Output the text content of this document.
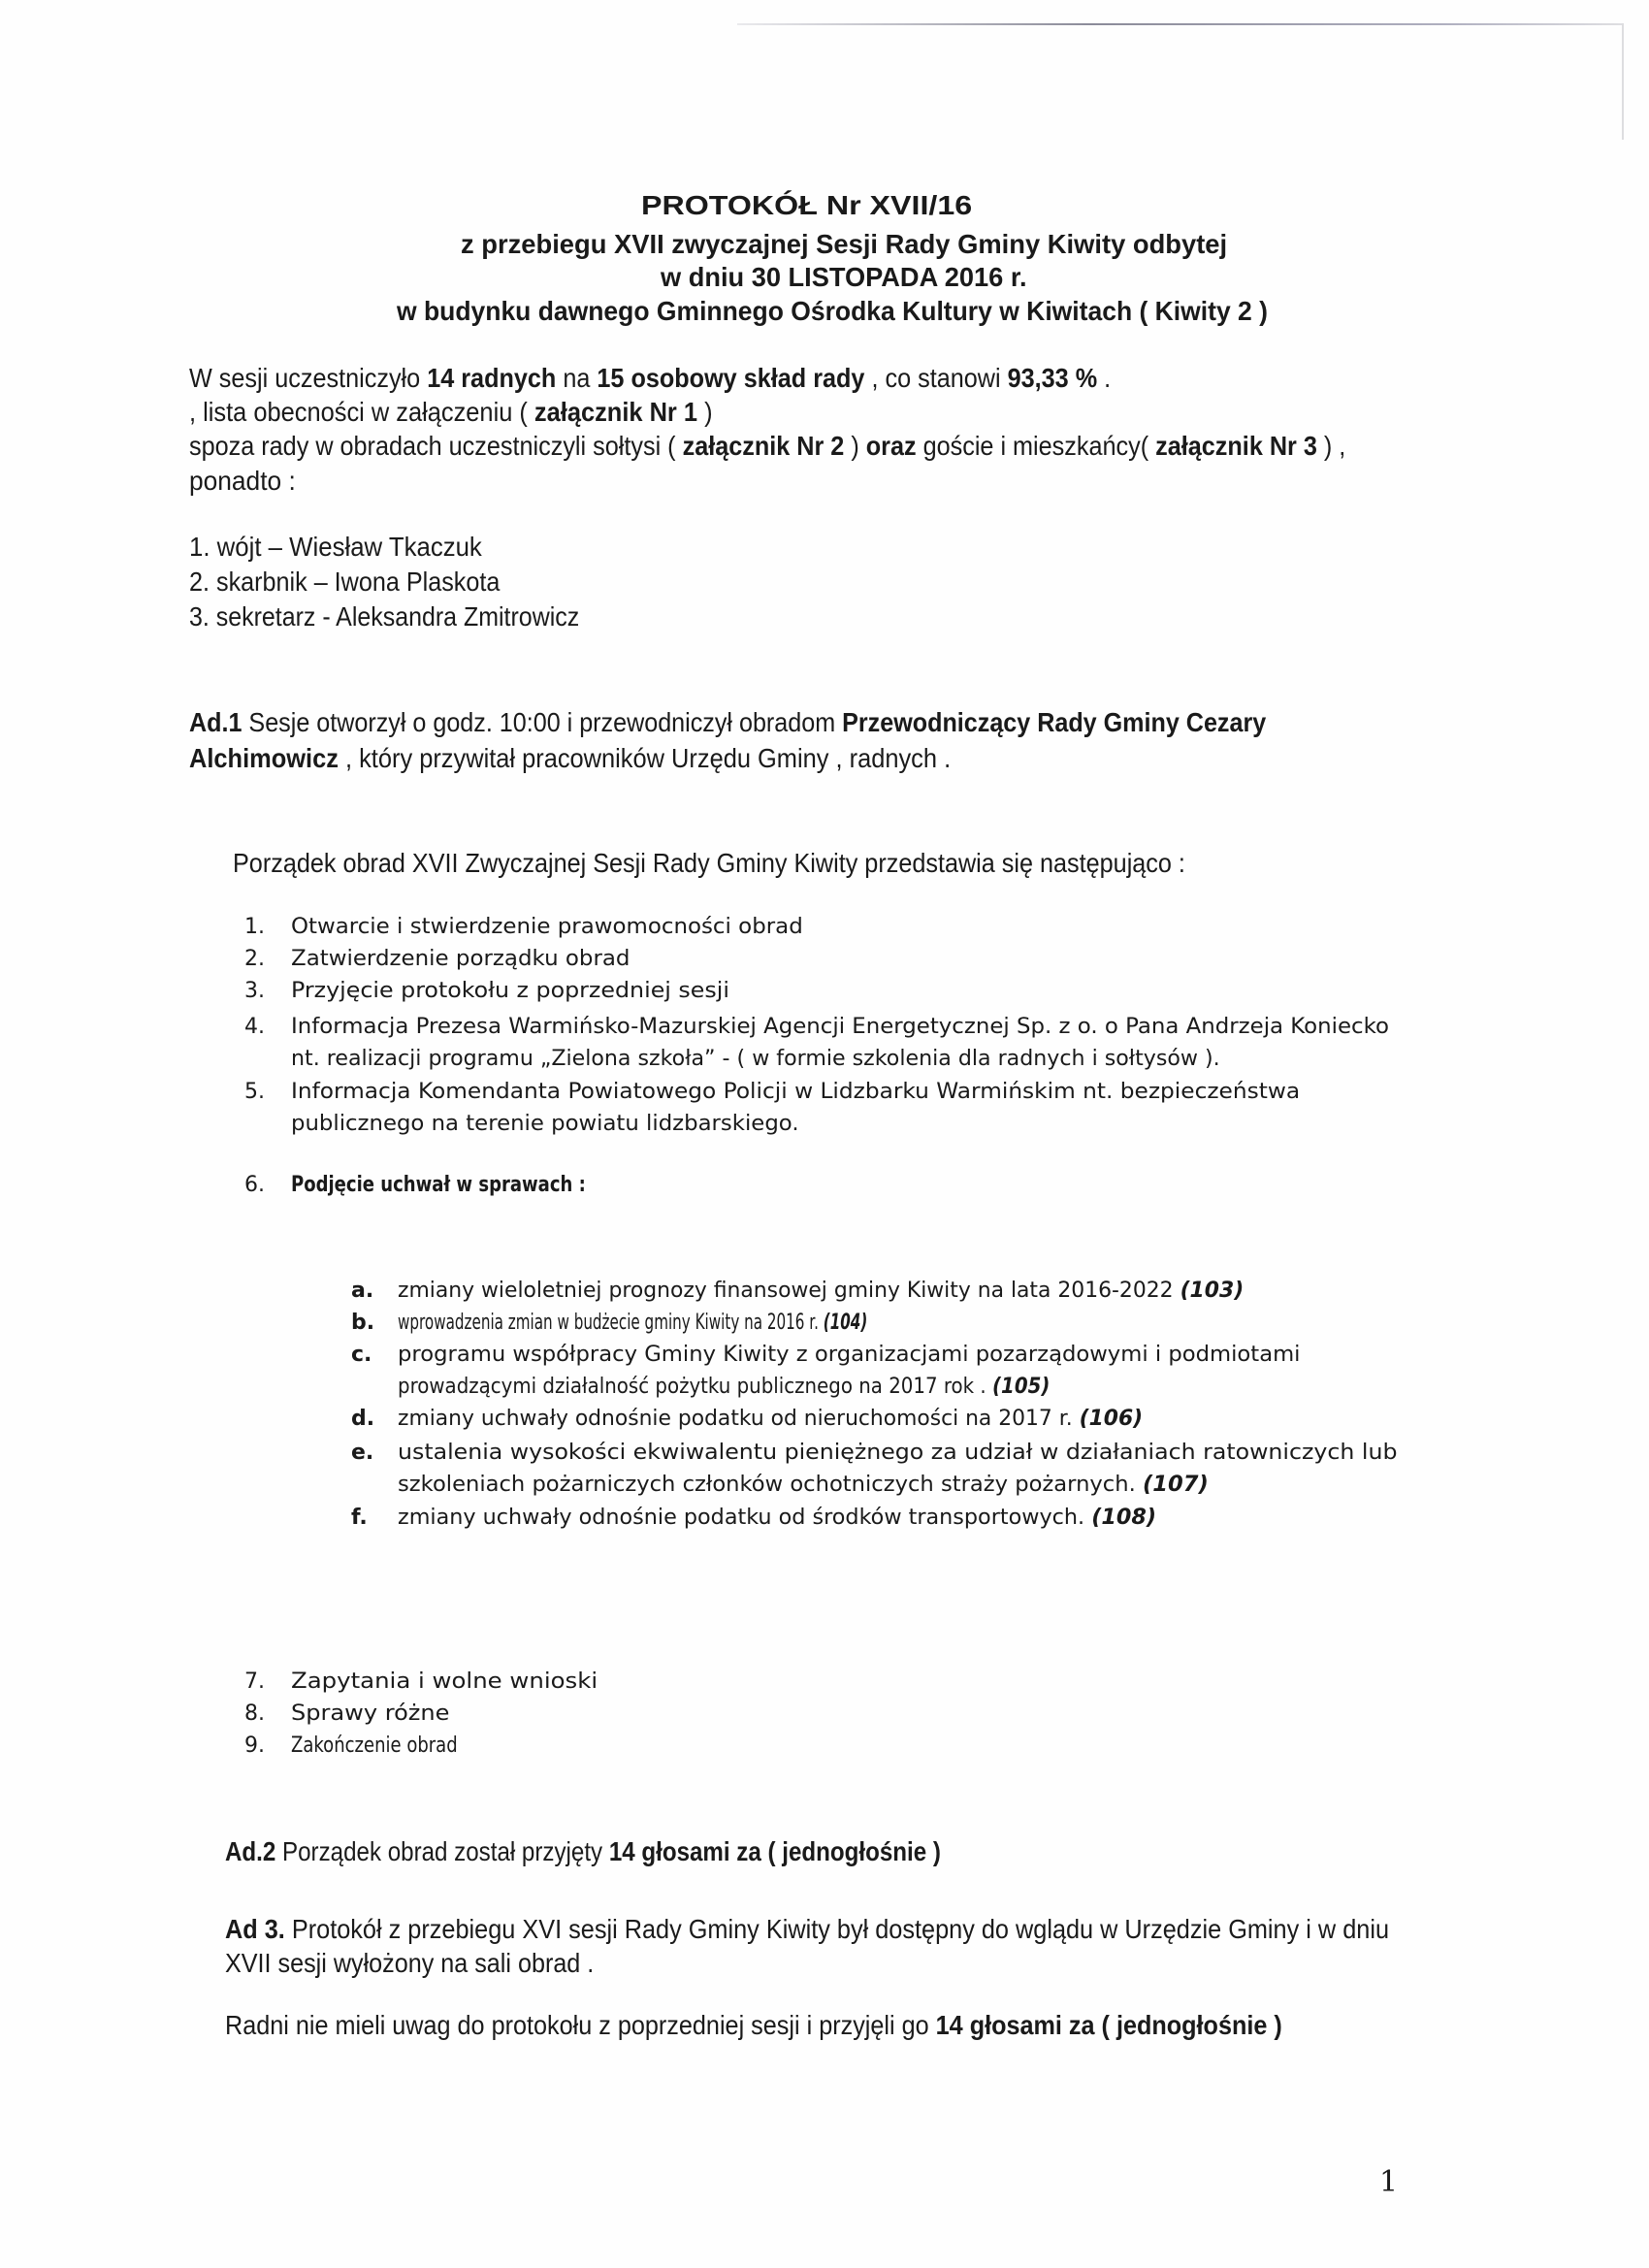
PROTOKÓŁ Nr XVII/16
z przebiegu XVII zwyczajnej Sesji Rady Gminy Kiwity odbytej
w dniu 30 LISTOPADA 2016 r.
w budynku dawnego Gminnego Ośrodka Kultury w Kiwitach ( Kiwity 2 )
W sesji uczestniczyło 14 radnych na 15 osobowy skład rady , co stanowi 93,33 % .
, lista obecności w załączeniu ( załącznik Nr 1 )
spoza rady w obradach uczestniczyli sołtysi ( załącznik Nr 2 ) oraz goście i mieszkańcy( załącznik Nr 3 ) ,
ponadto :
1. wójt – Wiesław Tkaczuk
2. skarbnik – Iwona Plaskota
3. sekretarz - Aleksandra Zmitrowicz
Ad.1 Sesje otworzył o godz. 10:00 i przewodniczył obradom Przewodniczący Rady Gminy Cezary
Alchimowicz , który przywitał pracowników Urzędu Gminy , radnych .
Porządek obrad XVII Zwyczajnej Sesji Rady Gminy Kiwity przedstawia się następująco :
1. Otwarcie i stwierdzenie prawomocności obrad
2. Zatwierdzenie porządku obrad
3. Przyjęcie protokołu z poprzedniej sesji
4. Informacja Prezesa Warmińsko-Mazurskiej Agencji Energetycznej Sp. z o. o Pana Andrzeja Koniecko
nt. realizacji programu „Zielona szkoła” - ( w formie szkolenia dla radnych i sołtysów ).
5. Informacja Komendanta Powiatowego Policji w Lidzbarku Warmińskim nt. bezpieczeństwa
publicznego na terenie powiatu lidzbarskiego.
6. Podjęcie uchwał w sprawach :
7. Zapytania i wolne wnioski
8. Sprawy różne
9. Zakończenie obrad
a. zmiany wieloletniej prognozy finansowej gminy Kiwity na lata 2016-2022 (103)
b. wprowadzenia zmian w budżecie gminy Kiwity na 2016 r. (104)
c. programu współpracy Gminy Kiwity z organizacjami pozarządowymi i podmiotami
prowadzącymi działalność pożytku publicznego na 2017 rok . (105)
d. zmiany uchwały odnośnie podatku od nieruchomości na 2017 r. (106)
e. ustalenia wysokości ekwiwalentu pieniężnego za udział w działaniach ratowniczych lub
szkoleniach pożarniczych członków ochotniczych straży pożarnych. (107)
f. zmiany uchwały odnośnie podatku od środków transportowych. (108)
Ad.2 Porządek obrad został przyjęty 14 głosami za ( jednogłośnie )
Ad 3. Protokół z przebiegu XVI sesji Rady Gminy Kiwity był dostępny do wglądu w Urzędzie Gminy i w dniu
XVII sesji wyłożony na sali obrad .
Radni nie mieli uwag do protokołu z poprzedniej sesji i przyjęli go 14 głosami za ( jednogłośnie )
1
